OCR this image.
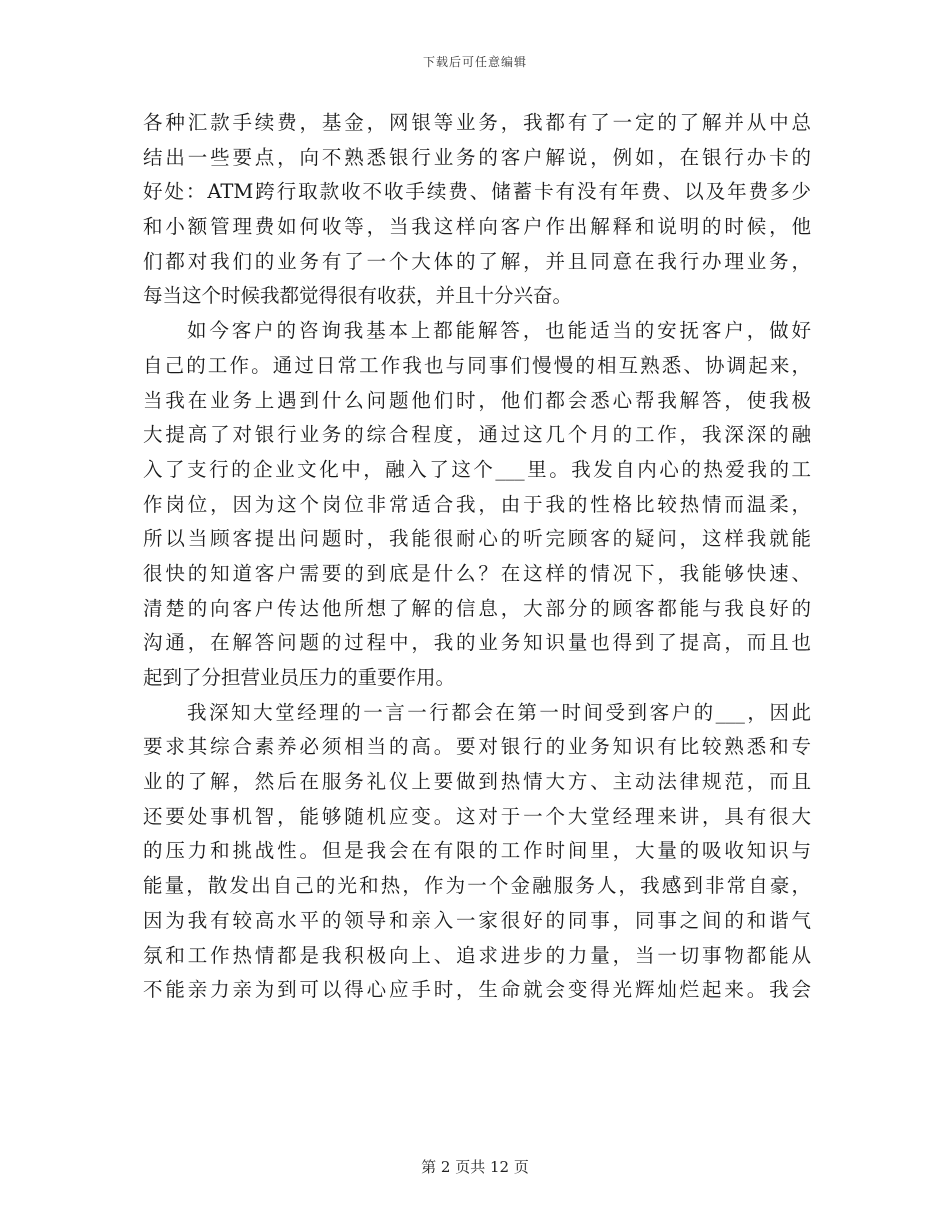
下载后可任意编辑
各种汇款手续费，基金，网银等业务，我都有了一定的了解并从中总
结出一些要点，向不熟悉银行业务的客户解说，例如，在银行办卡的
好处：ATM跨行取款收不收手续费、储蓄卡有没有年费、以及年费多少
和小额管理费如何收等，当我这样向客户作出解释和说明的时候，他
们都对我们的业务有了一个大体的了解，并且同意在我行办理业务，
每当这个时候我都觉得很有收获，并且十分兴奋。
如今客户的咨询我基本上都能解答，也能适当的安抚客户，做好
自己的工作。通过日常工作我也与同事们慢慢的相互熟悉、协调起来，
当我在业务上遇到什么问题他们时，他们都会悉心帮我解答，使我极
大提高了对银行业务的综合程度，通过这几个月的工作，我深深的融
入了支行的企业文化中，融入了这个___里。我发自内心的热爱我的工
作岗位，因为这个岗位非常适合我，由于我的性格比较热情而温柔，
所以当顾客提出问题时，我能很耐心的听完顾客的疑问，这样我就能
很快的知道客户需要的到底是什么？在这样的情况下，我能够快速、
清楚的向客户传达他所想了解的信息，大部分的顾客都能与我良好的
沟通，在解答问题的过程中，我的业务知识量也得到了提高，而且也
起到了分担营业员压力的重要作用。
我深知大堂经理的一言一行都会在第一时间受到客户的___，因此
要求其综合素养必须相当的高。要对银行的业务知识有比较熟悉和专
业的了解，然后在服务礼仪上要做到热情大方、主动法律规范，而且
还要处事机智，能够随机应变。这对于一个大堂经理来讲，具有很大
的压力和挑战性。但是我会在有限的工作时间里，大量的吸收知识与
能量，散发出自己的光和热，作为一个金融服务人，我感到非常自豪，
因为我有较高水平的领导和亲入一家很好的同事，同事之间的和谐气
氛和工作热情都是我积极向上、追求进步的力量，当一切事物都能从
不能亲力亲为到可以得心应手时，生命就会变得光辉灿烂起来。我会
第 2 页共 12 页
